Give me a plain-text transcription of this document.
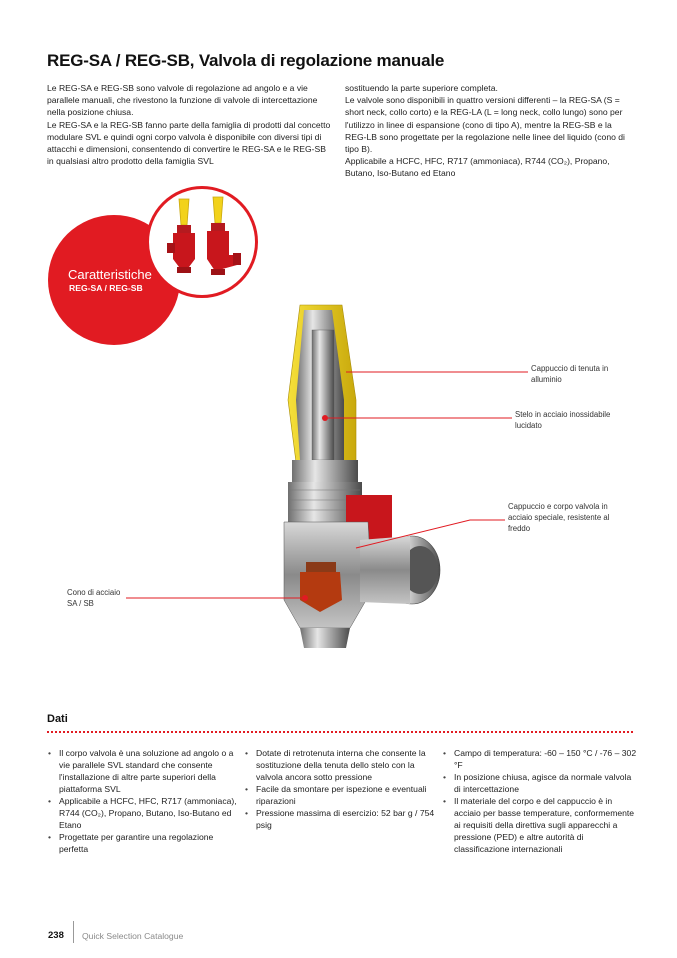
REG-SA / REG-SB, Valvola di regolazione manuale

Le REG-SA e REG-SB sono valvole di regolazione ad angolo e a vie parallele manuali, che rivestono la funzione di valvole di intercettazione nella posizione chiusa.

Le REG-SA e la REG-SB fanno parte della famiglia di prodotti dal concetto modulare SVL e quindi ogni corpo valvola è disponibile con diversi tipi di attacchi e dimensioni, consentendo di convertire le REG-SA e le REG-SB in qualsiasi altro prodotto della famiglia SVL

sostituendo la parte superiore completa.

Le valvole sono disponibili in quattro versioni differenti – la REG-SA (S = short neck, collo corto) e la REG-LA (L = long neck, collo lungo) sono per l'utilizzo in linee di espansione (cono di tipo A), mentre la REG-SB e la REG-LB sono progettate per la regolazione nelle linee del liquido (cono di tipo B).

Applicabile a HCFC, HFC, R717 (ammoniaca), R744 (CO₂), Propano, Butano, Iso-Butano ed Etano

Caratteristiche
REG-SA / REG-SB
Cappuccio di tenuta in alluminio
Stelo in acciaio inossidabile lucidato
Cappuccio e corpo valvola in acciaio speciale, resistente al freddo
Cono di acciaio SA / SB
Dati
• Il corpo valvola è una soluzione ad angolo o a vie parallele SVL standard che consente l'installazione di altre parte superiori della piattaforma SVL
• Applicabile a HCFC, HFC, R717 (ammoniaca), R744 (CO₂), Propano, Butano, Iso-Butano ed Etano
• Progettate per garantire una regolazione perfetta
• Dotate di retrotenuta interna che consente la sostituzione della tenuta dello stelo con la valvola ancora sotto pressione
• Facile da smontare per ispezione e eventuali riparazioni
• Pressione massima di esercizio: 52 bar g / 754 psig
• Campo di temperatura: -60 – 150 °C / -76 – 302 °F
• In posizione chiusa, agisce da normale valvola di intercettazione
• Il materiale del corpo e del cappuccio è in acciaio per basse temperature, conformemente ai requisiti della direttiva sugli apparecchi a pressione (PED) e altre autorità di classificazione internazionali
238 Quick Selection Catalogue
